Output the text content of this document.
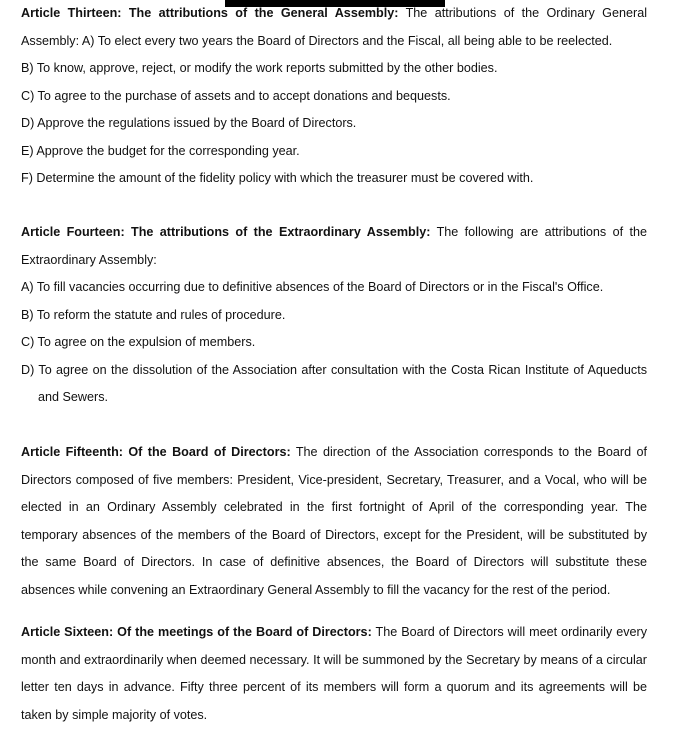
Article Thirteen: The attributions of the General Assembly: The attributions of the Ordinary General Assembly: A) To elect every two years the Board of Directors and the Fiscal, all being able to be reelected.

B) To know, approve, reject, or modify the work reports submitted by the other bodies.

C) To agree to the purchase of assets and to accept donations and bequests.

D) Approve the regulations issued by the Board of Directors.

E) Approve the budget for the corresponding year.

F) Determine the amount of the fidelity policy with which the treasurer must be covered with.

Article Fourteen: The attributions of the Extraordinary Assembly: The following are attributions of the Extraordinary Assembly:

A) To fill vacancies occurring due to definitive absences of the Board of Directors or in the Fiscal's Office.

B) To reform the statute and rules of procedure.

C) To agree on the expulsion of members.

D) To agree on the dissolution of the Association after consultation with the Costa Rican Institute of Aqueducts and Sewers.

Article Fifteenth: Of the Board of Directors: The direction of the Association corresponds to the Board of Directors composed of five members: President, Vice-president, Secretary, Treasurer, and a Vocal, who will be elected in an Ordinary Assembly celebrated in the first fortnight of April of the corresponding year. The temporary absences of the members of the Board of Directors, except for the President, will be substituted by the same Board of Directors. In case of definitive absences, the Board of Directors will substitute these absences while convening an Extraordinary General Assembly to fill the vacancy for the rest of the period.

Article Sixteen: Of the meetings of the Board of Directors: The Board of Directors will meet ordinarily every month and extraordinarily when deemed necessary. It will be summoned by the Secretary by means of a circular letter ten days in advance. Fifty three percent of its members will form a quorum and its agreements will be taken by simple majority of votes.
